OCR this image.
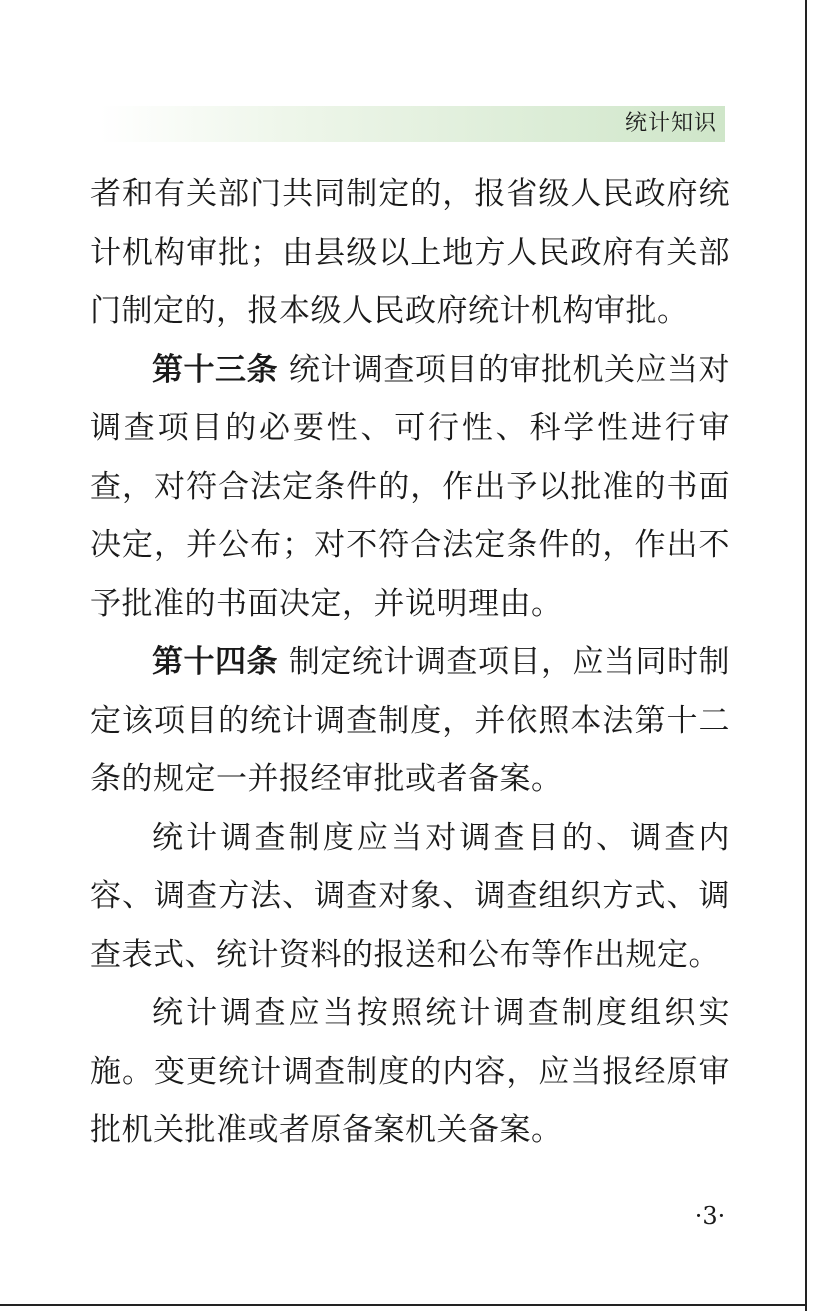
统计知识

者和有关部门共同制定的，报省级人民政府统计机构审批；由县级以上地方人民政府有关部门制定的，报本级人民政府统计机构审批。

第十三条 统计调查项目的审批机关应当对调查项目的必要性、可行性、科学性进行审查，对符合法定条件的，作出予以批准的书面决定，并公布；对不符合法定条件的，作出不予批准的书面决定，并说明理由。

第十四条 制定统计调查项目，应当同时制定该项目的统计调查制度，并依照本法第十二条的规定一并报经审批或者备案。

统计调查制度应当对调查目的、调查内容、调查方法、调查对象、调查组织方式、调查表式、统计资料的报送和公布等作出规定。

统计调查应当按照统计调查制度组织实施。变更统计调查制度的内容，应当报经原审批机关批准或者原备案机关备案。

·3·
